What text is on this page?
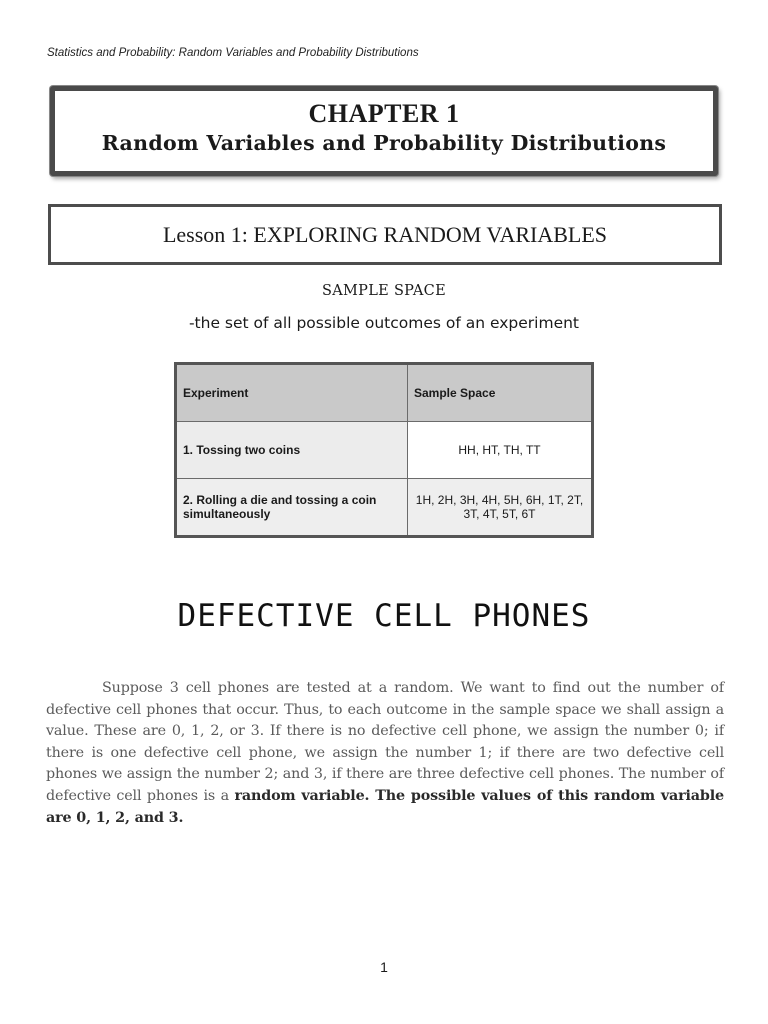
Statistics and Probability: Random Variables and Probability Distributions
CHAPTER 1
Random Variables and Probability Distributions
Lesson 1: EXPLORING RANDOM VARIABLES
SAMPLE SPACE
-the set of all possible outcomes of an experiment
Experiment	Sample Space
1. Tossing two coins	HH, HT, TH, TT
2. Rolling a die and tossing a coin simultaneously	1H, 2H, 3H, 4H, 5H, 6H, 1T, 2T, 3T, 4T, 5T, 6T
DEFECTIVE CELL PHONES
Suppose 3 cell phones are tested at a random. We want to find out the number of defective cell phones that occur. Thus, to each outcome in the sample space we shall assign a value. These are 0, 1, 2, or 3. If there is no defective cell phone, we assign the number 0; if there is one defective cell phone, we assign the number 1; if there are two defective cell phones we assign the number 2; and 3, if there are three defective cell phones. The number of defective cell phones is a random variable. The possible values of this random variable are 0, 1, 2, and 3.
1
